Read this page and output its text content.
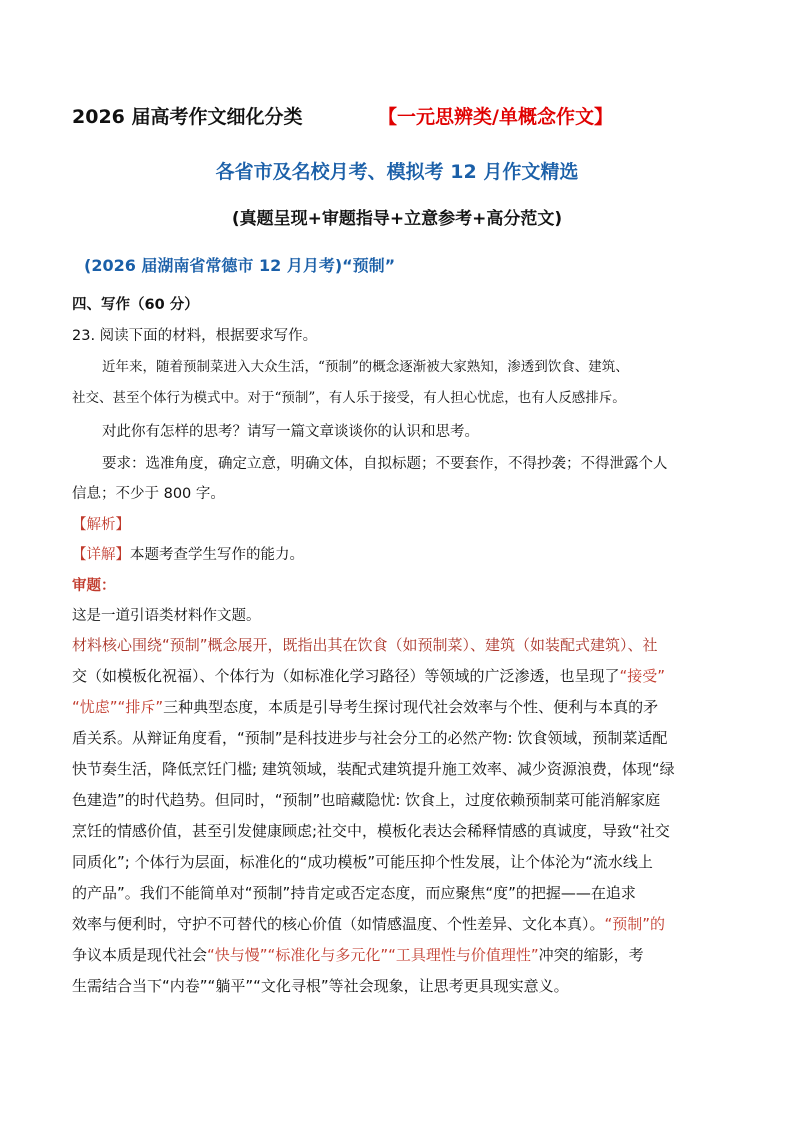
2026 届高考作文细化分类	【一元思辨类/单概念作文】
各省市及名校月考、模拟考 12 月作文精选
(真题呈现+审题指导+立意参考+高分范文)
(2026 届湖南省常德市 12 月月考)“预制”
四、写作（60 分）
23. 阅读下面的材料，根据要求写作。
近年来，随着预制菜进入大众生活，“预制”的概念逐渐被大家熟知，渗透到饮食、建筑、
社交、甚至个体行为模式中。对于“预制”，有人乐于接受，有人担心忧虑，也有人反感排斥。
对此你有怎样的思考？请写一篇文章谈谈你的认识和思考。
要求：选准角度，确定立意，明确文体，自拟标题；不要套作，不得抄袭；不得泄露个人
信息；不少于 800 字。
【解析】
【详解】本题考查学生写作的能力。
审题：
这是一道引语类材料作文题。
材料核心围绕“预制”概念展开，既指出其在饮食（如预制菜）、建筑（如装配式建筑）、社
交（如模板化祝福）、个体行为（如标准化学习路径）等领域的广泛渗透，也呈现了“接受”
“忧虑”“排斥”三种典型态度，本质是引导考生探讨现代社会效率与个性、便利与本真的矛
盾关系。从辩证角度看，“预制”是科技进步与社会分工的必然产物: 饮食领域，预制菜适配
快节奏生活，降低烹饪门槛; 建筑领域，装配式建筑提升施工效率、减少资源浪费，体现“绿
色建造”的时代趋势。但同时，“预制”也暗藏隐忧: 饮食上，过度依赖预制菜可能消解家庭
烹饪的情感价值，甚至引发健康顾虑;社交中，模板化表达会稀释情感的真诚度，导致“社交
同质化”; 个体行为层面，标准化的“成功模板”可能压抑个性发展，让个体沦为“流水线上
的产品”。我们不能简单对“预制”持肯定或否定态度，而应聚焦“度”的把握——在追求
效率与便利时，守护不可替代的核心价值（如情感温度、个性差异、文化本真）。“预制”的
争议本质是现代社会“快与慢”“标准化与多元化”“工具理性与价值理性”冲突的缩影，考
生需结合当下“内卷”“躺平”“文化寻根”等社会现象，让思考更具现实意义。
